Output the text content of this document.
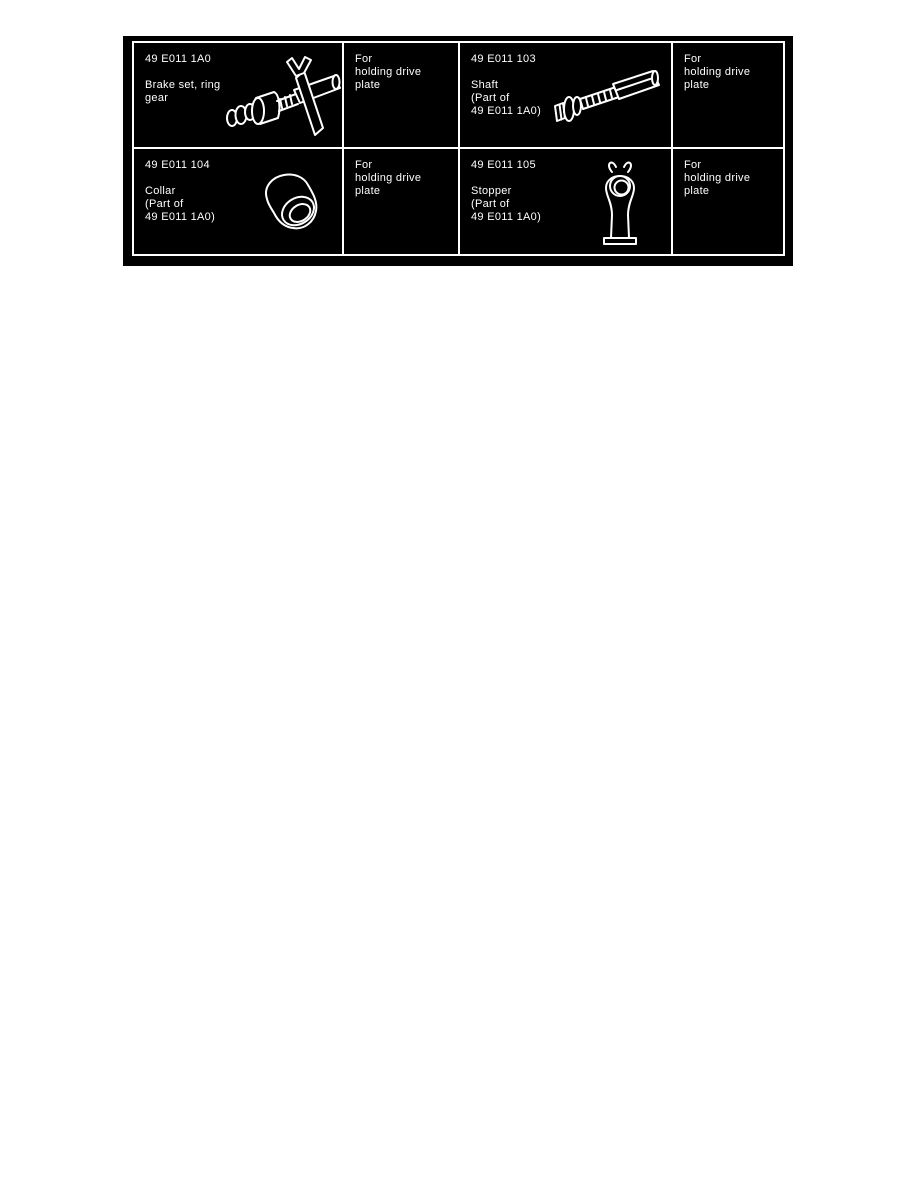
49 E011 1A0
Brake set, ring
gear
For
holding drive
plate
49 E011 103
Shaft
(Part of
49 E011 1A0)
For
holding drive
plate
49 E011 104
Collar
(Part of
49 E011 1A0)
For
holding drive
plate
49 E011 105
Stopper
(Part of
49 E011 1A0)
For
holding drive
plate
